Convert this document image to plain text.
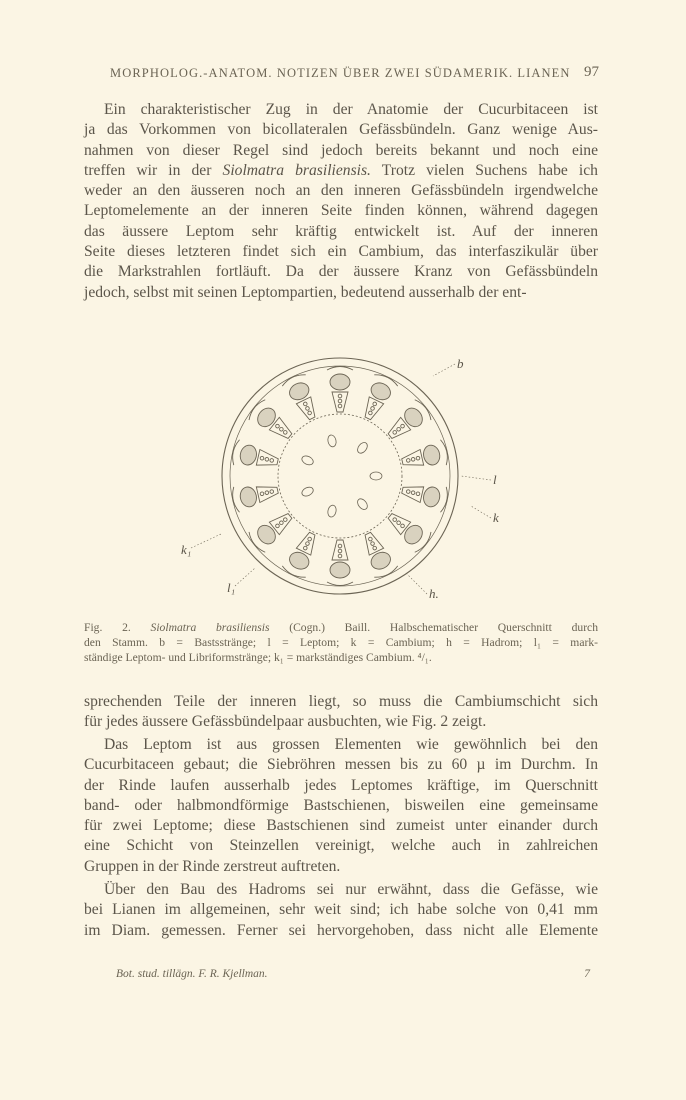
MORPHOLOG.-ANATOM. NOTIZEN ÜBER ZWEI SÜDAMERIK. LIANEN 97
Ein charakteristischer Zug in der Anatomie der Cucurbitaceen ist
ja das Vorkommen von bicollateralen Gefässbündeln. Ganz wenige Aus-
nahmen von dieser Regel sind jedoch bereits bekannt und noch eine
treffen wir in der Siolmatra brasiliensis. Trotz vielen Suchens habe ich
weder an den äusseren noch an den inneren Gefässbündeln irgendwelche
Leptomelemente an der inneren Seite finden können, während dagegen
das äussere Leptom sehr kräftig entwickelt ist. Auf der inneren
Seite dieses letzteren findet sich ein Cambium, das interfaszikulär über
die Markstrahlen fortläuft. Da der äussere Kranz von Gefässbündeln
jedoch, selbst mit seinen Leptompartien, bedeutend ausserhalb der ent-
b
l
k
h.
k₁
l₁
Fig. 2. Siolmatra brasiliensis (Cogn.) Baill. Halbschematischer Querschnitt durch
den Stamm. b = Bastsstränge; l = Leptom; k = Cambium; h = Hadrom; l₁ = mark-
ständige Leptom- und Libriformstränge; k₁ = markständiges Cambium. ⁴/₁.
sprechenden Teile der inneren liegt, so muss die Cambiumschicht sich
für jedes äussere Gefässbündelpaar ausbuchten, wie Fig. 2 zeigt.
Das Leptom ist aus grossen Elementen wie gewöhnlich bei den
Cucurbitaceen gebaut; die Siebröhren messen bis zu 60 µ im Durchm. In
der Rinde laufen ausserhalb jedes Leptomes kräftige, im Querschnitt
band- oder halbmondförmige Bastschienen, bisweilen eine gemeinsame
für zwei Leptome; diese Bastschienen sind zumeist unter einander durch
eine Schicht von Steinzellen vereinigt, welche auch in zahlreichen
Gruppen in der Rinde zerstreut auftreten.
Über den Bau des Hadroms sei nur erwähnt, dass die Gefässe, wie
bei Lianen im allgemeinen, sehr weit sind; ich habe solche von 0,41 mm
im Diam. gemessen. Ferner sei hervorgehoben, dass nicht alle Elemente
Bot. stud. tillägn. F. R. Kjellman.	7
